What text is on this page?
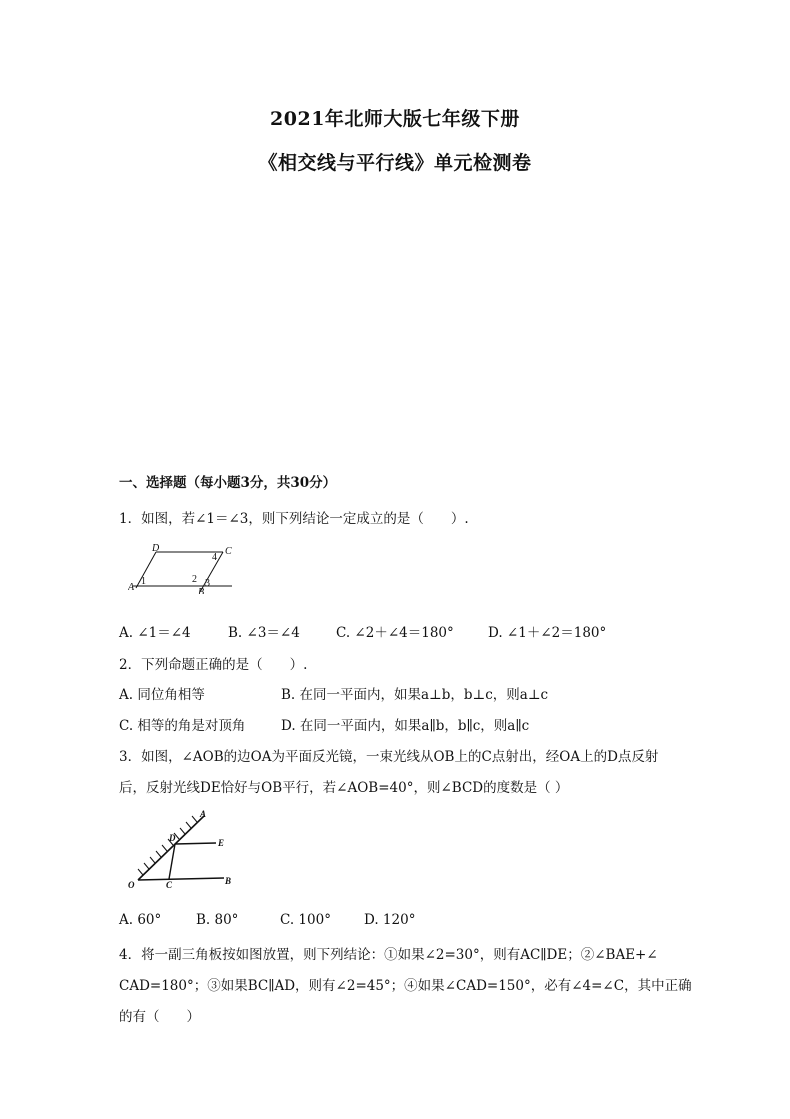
2021年北师大版七年级下册
《相交线与平行线》单元检测卷
一、选择题（每小题3分，共30分）
1．如图，若∠1＝∠3，则下列结论一定成立的是（　　）.
D	C
A	B
1	2 3
4
A. ∠1＝∠4	B. ∠3＝∠4	C. ∠2＋∠4＝180°	D. ∠1＋∠2＝180°
2．下列命题正确的是（　　）.
A. 同位角相等	B. 在同一平面内，如果a⊥b，b⊥c，则a⊥c
C. 相等的角是对顶角	D. 在同一平面内，如果a∥b，b∥c，则a∥c
3．如图，∠AOB的边OA为平面反光镜，一束光线从OB上的C点射出，经OA上的D点反射
后，反射光线DE恰好与OB平行，若∠AOB=40°，则∠BCD的度数是（ ）
A
D	E
O	C	B
A. 60°	B. 80°	C. 100° D. 120°
4．将一副三角板按如图放置，则下列结论：①如果∠2=30°，则有AC∥DE；②∠BAE+∠
CAD=180°；③如果BC∥AD，则有∠2=45°；④如果∠CAD=150°，必有∠4=∠C，其中正确
的有（　　）
